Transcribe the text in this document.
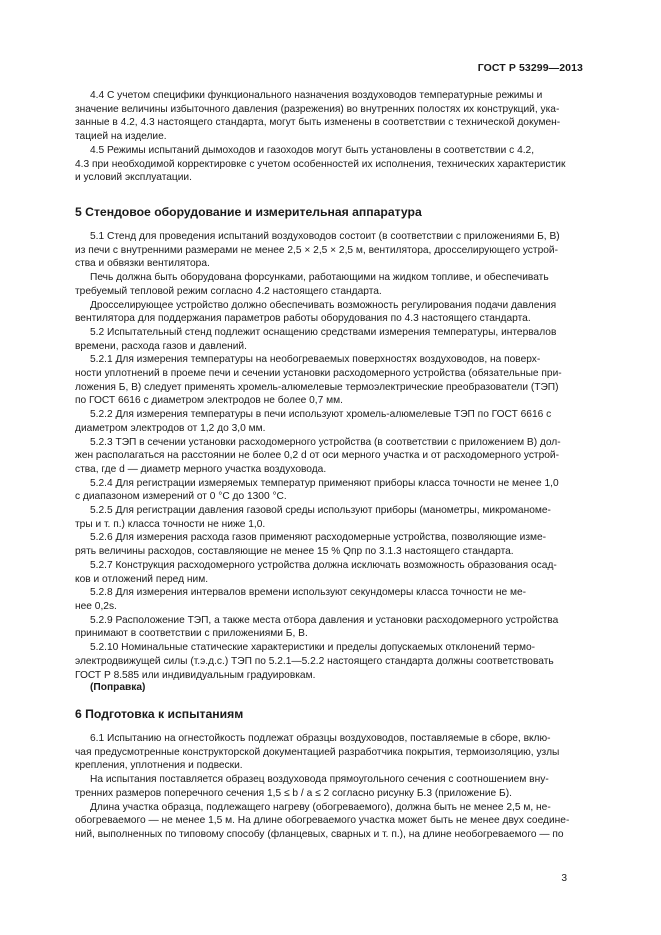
ГОСТ Р 53299—2013

4.4 С учетом специфики функционального назначения воздуховодов температурные режимы и
значение величины избыточного давления (разрежения) во внутренних полостях их конструкций, ука-
занные в 4.2, 4.3 настоящего стандарта, могут быть изменены в соответствии с технической докумен-
тацией на изделие.

4.5 Режимы испытаний дымоходов и газоходов могут быть установлены в соответствии с 4.2,
4.3 при необходимой корректировке с учетом особенностей их исполнения, технических характеристик
и условий эксплуатации.

5 Стендовое оборудование и измерительная аппаратура

5.1 Стенд для проведения испытаний воздуховодов состоит (в соответствии с приложениями Б, В)
из печи с внутренними размерами не менее 2,5 × 2,5 × 2,5 м, вентилятора, дросселирующего устрой-
ства и обвязки вентилятора.

Печь должна быть оборудована форсунками, работающими на жидком топливе, и обеспечивать
требуемый тепловой режим согласно 4.2 настоящего стандарта.

Дросселирующее устройство должно обеспечивать возможность регулирования подачи давления
вентилятора для поддержания параметров работы оборудования по 4.3 настоящего стандарта.

5.2 Испытательный стенд подлежит оснащению средствами измерения температуры, интервалов
времени, расхода газов и давлений.

5.2.1 Для измерения температуры на необогреваемых поверхностях воздуховодов, на поверх-
ности уплотнений в проеме печи и сечении установки расходомерного устройства (обязательные при-
ложения Б, В) следует применять хромель-алюмелевые термоэлектрические преобразователи (ТЭП)
по ГОСТ 6616 с диаметром электродов не более 0,7 мм.

5.2.2 Для измерения температуры в печи используют хромель-алюмелевые ТЭП по ГОСТ 6616 с
диаметром электродов от 1,2 до 3,0 мм.

5.2.3 ТЭП в сечении установки расходомерного устройства (в соответствии с приложением В) дол-
жен располагаться на расстоянии не более 0,2 d от оси мерного участка и от расходомерного устрой-
ства, где d — диаметр мерного участка воздуховода.

5.2.4 Для регистрации измеряемых температур применяют приборы класса точности не менее 1,0
с диапазоном измерений от 0 °С до 1300 °С.

5.2.5 Для регистрации давления газовой среды используют приборы (манометры, микроманоме-
тры и т. п.) класса точности не ниже 1,0.

5.2.6 Для измерения расхода газов применяют расходомерные устройства, позволяющие изме-
рять величины расходов, составляющие не менее 15 % Qпр по 3.1.3 настоящего стандарта.

5.2.7 Конструкция расходомерного устройства должна исключать возможность образования осад-
ков и отложений перед ним.

5.2.8 Для измерения интервалов времени используют секундомеры класса точности не ме-
нее 0,2s.

5.2.9 Расположение ТЭП, а также места отбора давления и установки расходомерного устройства
принимают в соответствии с приложениями Б, В.

5.2.10 Номинальные статические характеристики и пределы допускаемых отклонений термо-
электродвижущей силы (т.э.д.с.) ТЭП по 5.2.1—5.2.2 настоящего стандарта должны соответствовать
ГОСТ Р 8.585 или индивидуальным градуировкам.

(Поправка)
6 Подготовка к испытаниям

6.1 Испытанию на огнестойкость подлежат образцы воздуховодов, поставляемые в сборе, вклю-
чая предусмотренные конструкторской документацией разработчика покрытия, термоизоляцию, узлы
крепления, уплотнения и подвески.

На испытания поставляется образец воздуховода прямоугольного сечения с соотношением вну-
тренних размеров поперечного сечения 1,5 ≤ b / a ≤ 2 согласно рисунку Б.3 (приложение Б).

Длина участка образца, подлежащего нагреву (обогреваемого), должна быть не менее 2,5 м, не-
обогреваемого — не менее 1,5 м. На длине обогреваемого участка может быть не менее двух соедине-
ний, выполненных по типовому способу (фланцевых, сварных и т. п.), на длине необогреваемого — по

3
